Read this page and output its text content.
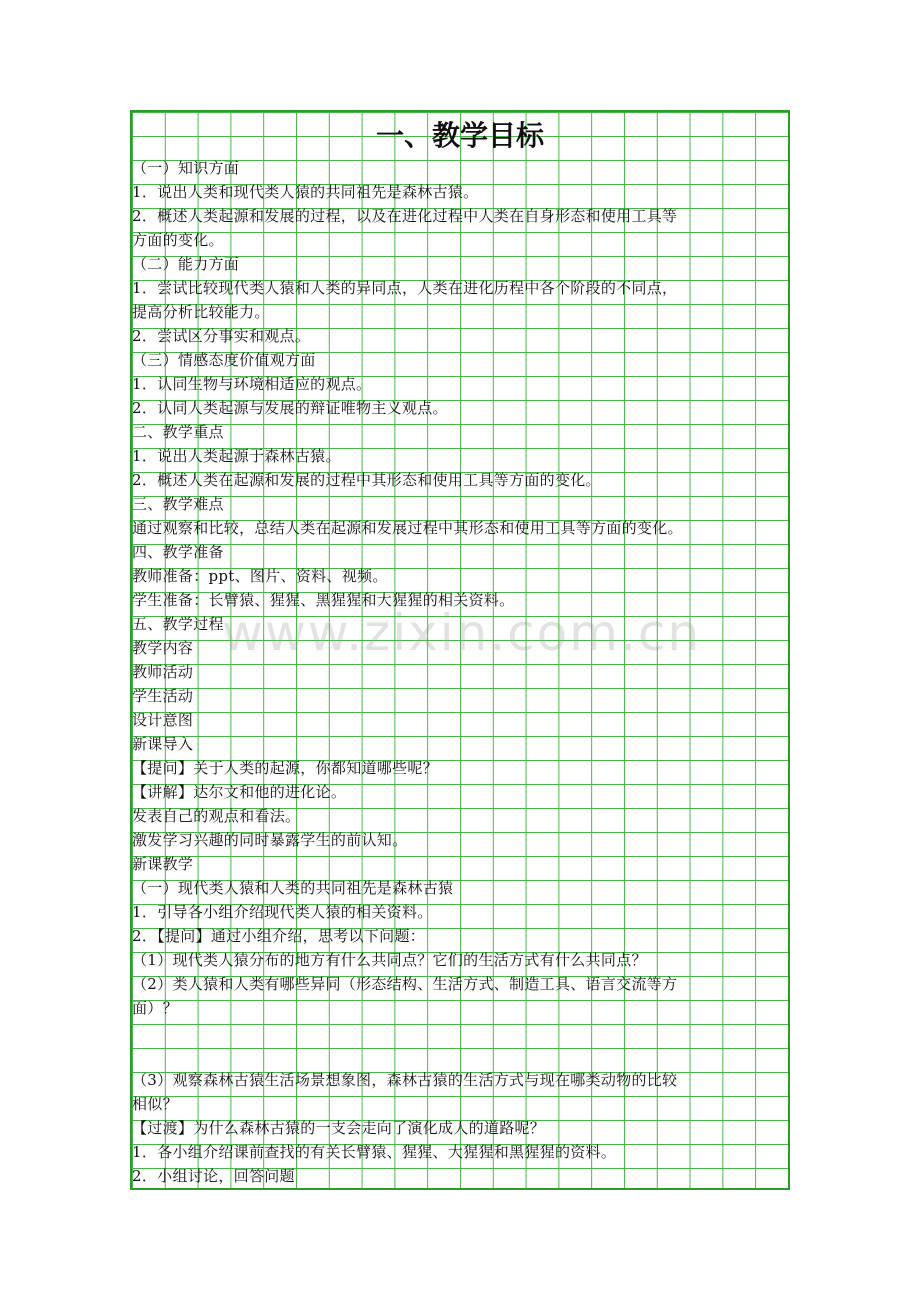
一、教学目标
（一）知识方面
1．说出人类和现代类人猿的共同祖先是森林古猿。
2．概述人类起源和发展的过程，以及在进化过程中人类在自身形态和使用工具等
方面的变化。
（二）能力方面
1．尝试比较现代类人猿和人类的异同点，人类在进化历程中各个阶段的不同点，
提高分析比较能力。
2．尝试区分事实和观点。
（三）情感态度价值观方面
1．认同生物与环境相适应的观点。
2．认同人类起源与发展的辩证唯物主义观点。
二、教学重点
1．说出人类起源于森林古猿。
2．概述人类在起源和发展的过程中其形态和使用工具等方面的变化。
三、教学难点
通过观察和比较，总结人类在起源和发展过程中其形态和使用工具等方面的变化。
四、教学准备
教师准备：ppt、图片、资料、视频。
学生准备：长臂猿、猩猩、黑猩猩和大猩猩的相关资料。
五、教学过程
教学内容
教师活动
学生活动
设计意图
新课导入
【提问】关于人类的起源，你都知道哪些呢？
【讲解】达尔文和他的进化论。
发表自己的观点和看法。
激发学习兴趣的同时暴露学生的前认知。
新课教学
（一）现代类人猿和人类的共同祖先是森林古猿
1．引导各小组介绍现代类人猿的相关资料。
2．【提问】通过小组介绍，思考以下问题：
（1）现代类人猿分布的地方有什么共同点？它们的生活方式有什么共同点？
（2）类人猿和人类有哪些异同（形态结构、生活方式、制造工具、语言交流等方
面）？
（3）观察森林古猿生活场景想象图，森林古猿的生活方式与现在哪类动物的比较
相似？
【过渡】为什么森林古猿的一支会走向了演化成人的道路呢？
1．各小组介绍课前查找的有关长臂猿、猩猩、大猩猩和黑猩猩的资料。
2．小组讨论，回答问题
www.zixin.com.cn
